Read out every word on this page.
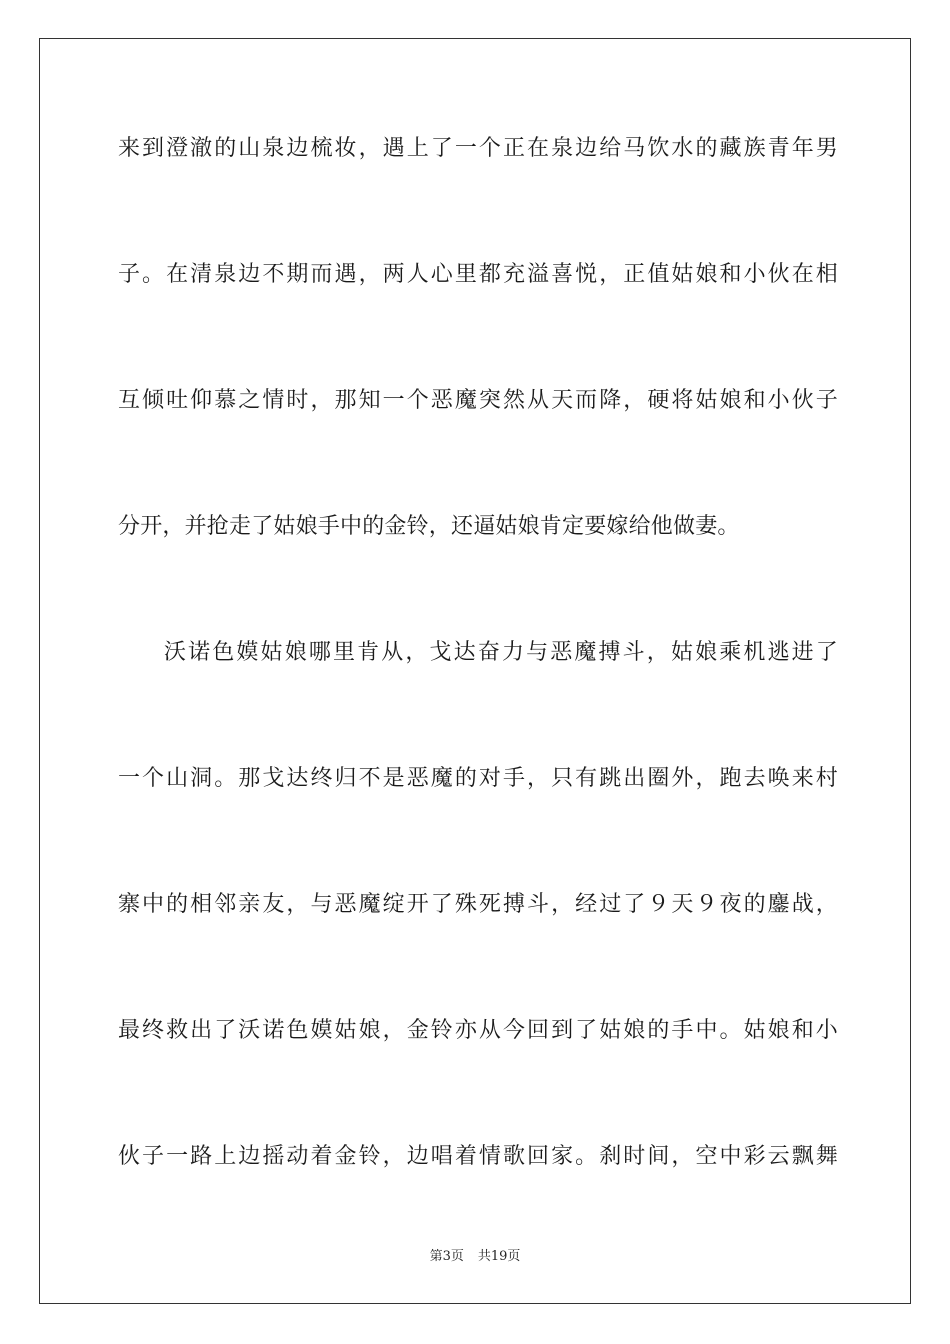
来到澄澈的山泉边梳妆，遇上了一个正在泉边给马饮水的藏族青年男
子。在清泉边不期而遇，两人心里都充溢喜悦，正值姑娘和小伙在相
互倾吐仰慕之情时，那知一个恶魔突然从天而降，硬将姑娘和小伙子
分开，并抢走了姑娘手中的金铃，还逼姑娘肯定要嫁给他做妻。
沃诺色嫫姑娘哪里肯从，戈达奋力与恶魔搏斗，姑娘乘机逃进了
一个山洞。那戈达终归不是恶魔的对手，只有跳出圈外，跑去唤来村
寨中的相邻亲友，与恶魔绽开了殊死搏斗，经过了９天９夜的鏖战，
最终救出了沃诺色嫫姑娘，金铃亦从今回到了姑娘的手中。姑娘和小
伙子一路上边摇动着金铃，边唱着情歌回家。刹时间，空中彩云飘舞
第3页 共19页
